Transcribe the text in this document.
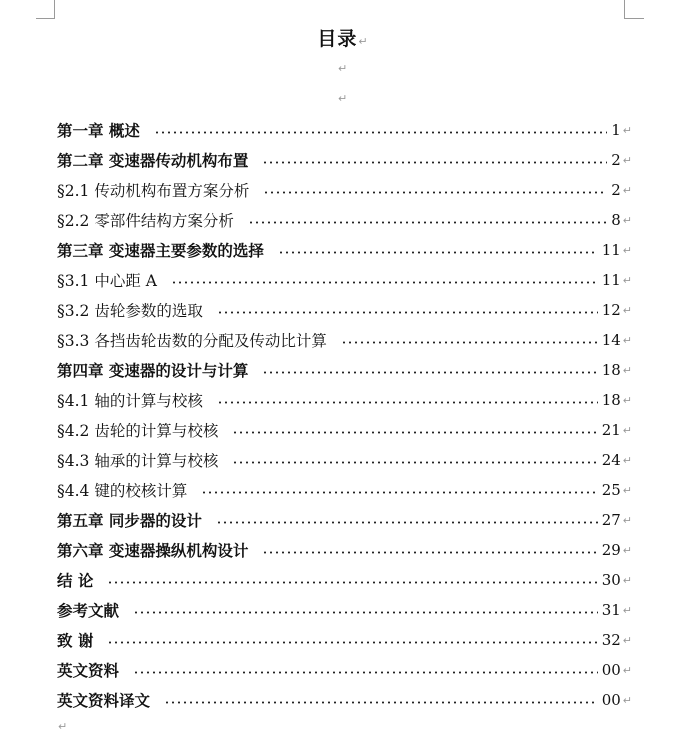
目录↵
↵
↵
第一章 概述	1 ↵
第二章 变速器传动机构布置	2 ↵
§2.1 传动机构布置方案分析	2 ↵
§2.2 零部件结构方案分析	8 ↵
第三章 变速器主要参数的选择	11 ↵
§3.1 中心距 A	11 ↵
§3.2 齿轮参数的选取	12 ↵
§3.3 各挡齿轮齿数的分配及传动比计算	14 ↵
第四章 变速器的设计与计算	18 ↵
§4.1 轴的计算与校核	18 ↵
§4.2 齿轮的计算与校核	21 ↵
§4.3 轴承的计算与校核	24 ↵
§4.4 键的校核计算	25 ↵
第五章 同步器的设计	27 ↵
第六章 变速器操纵机构设计	29 ↵
结 论	30 ↵
参考文献	31 ↵
致 谢	32 ↵
英文资料	00 ↵
英文资料译文	00 ↵
↵
